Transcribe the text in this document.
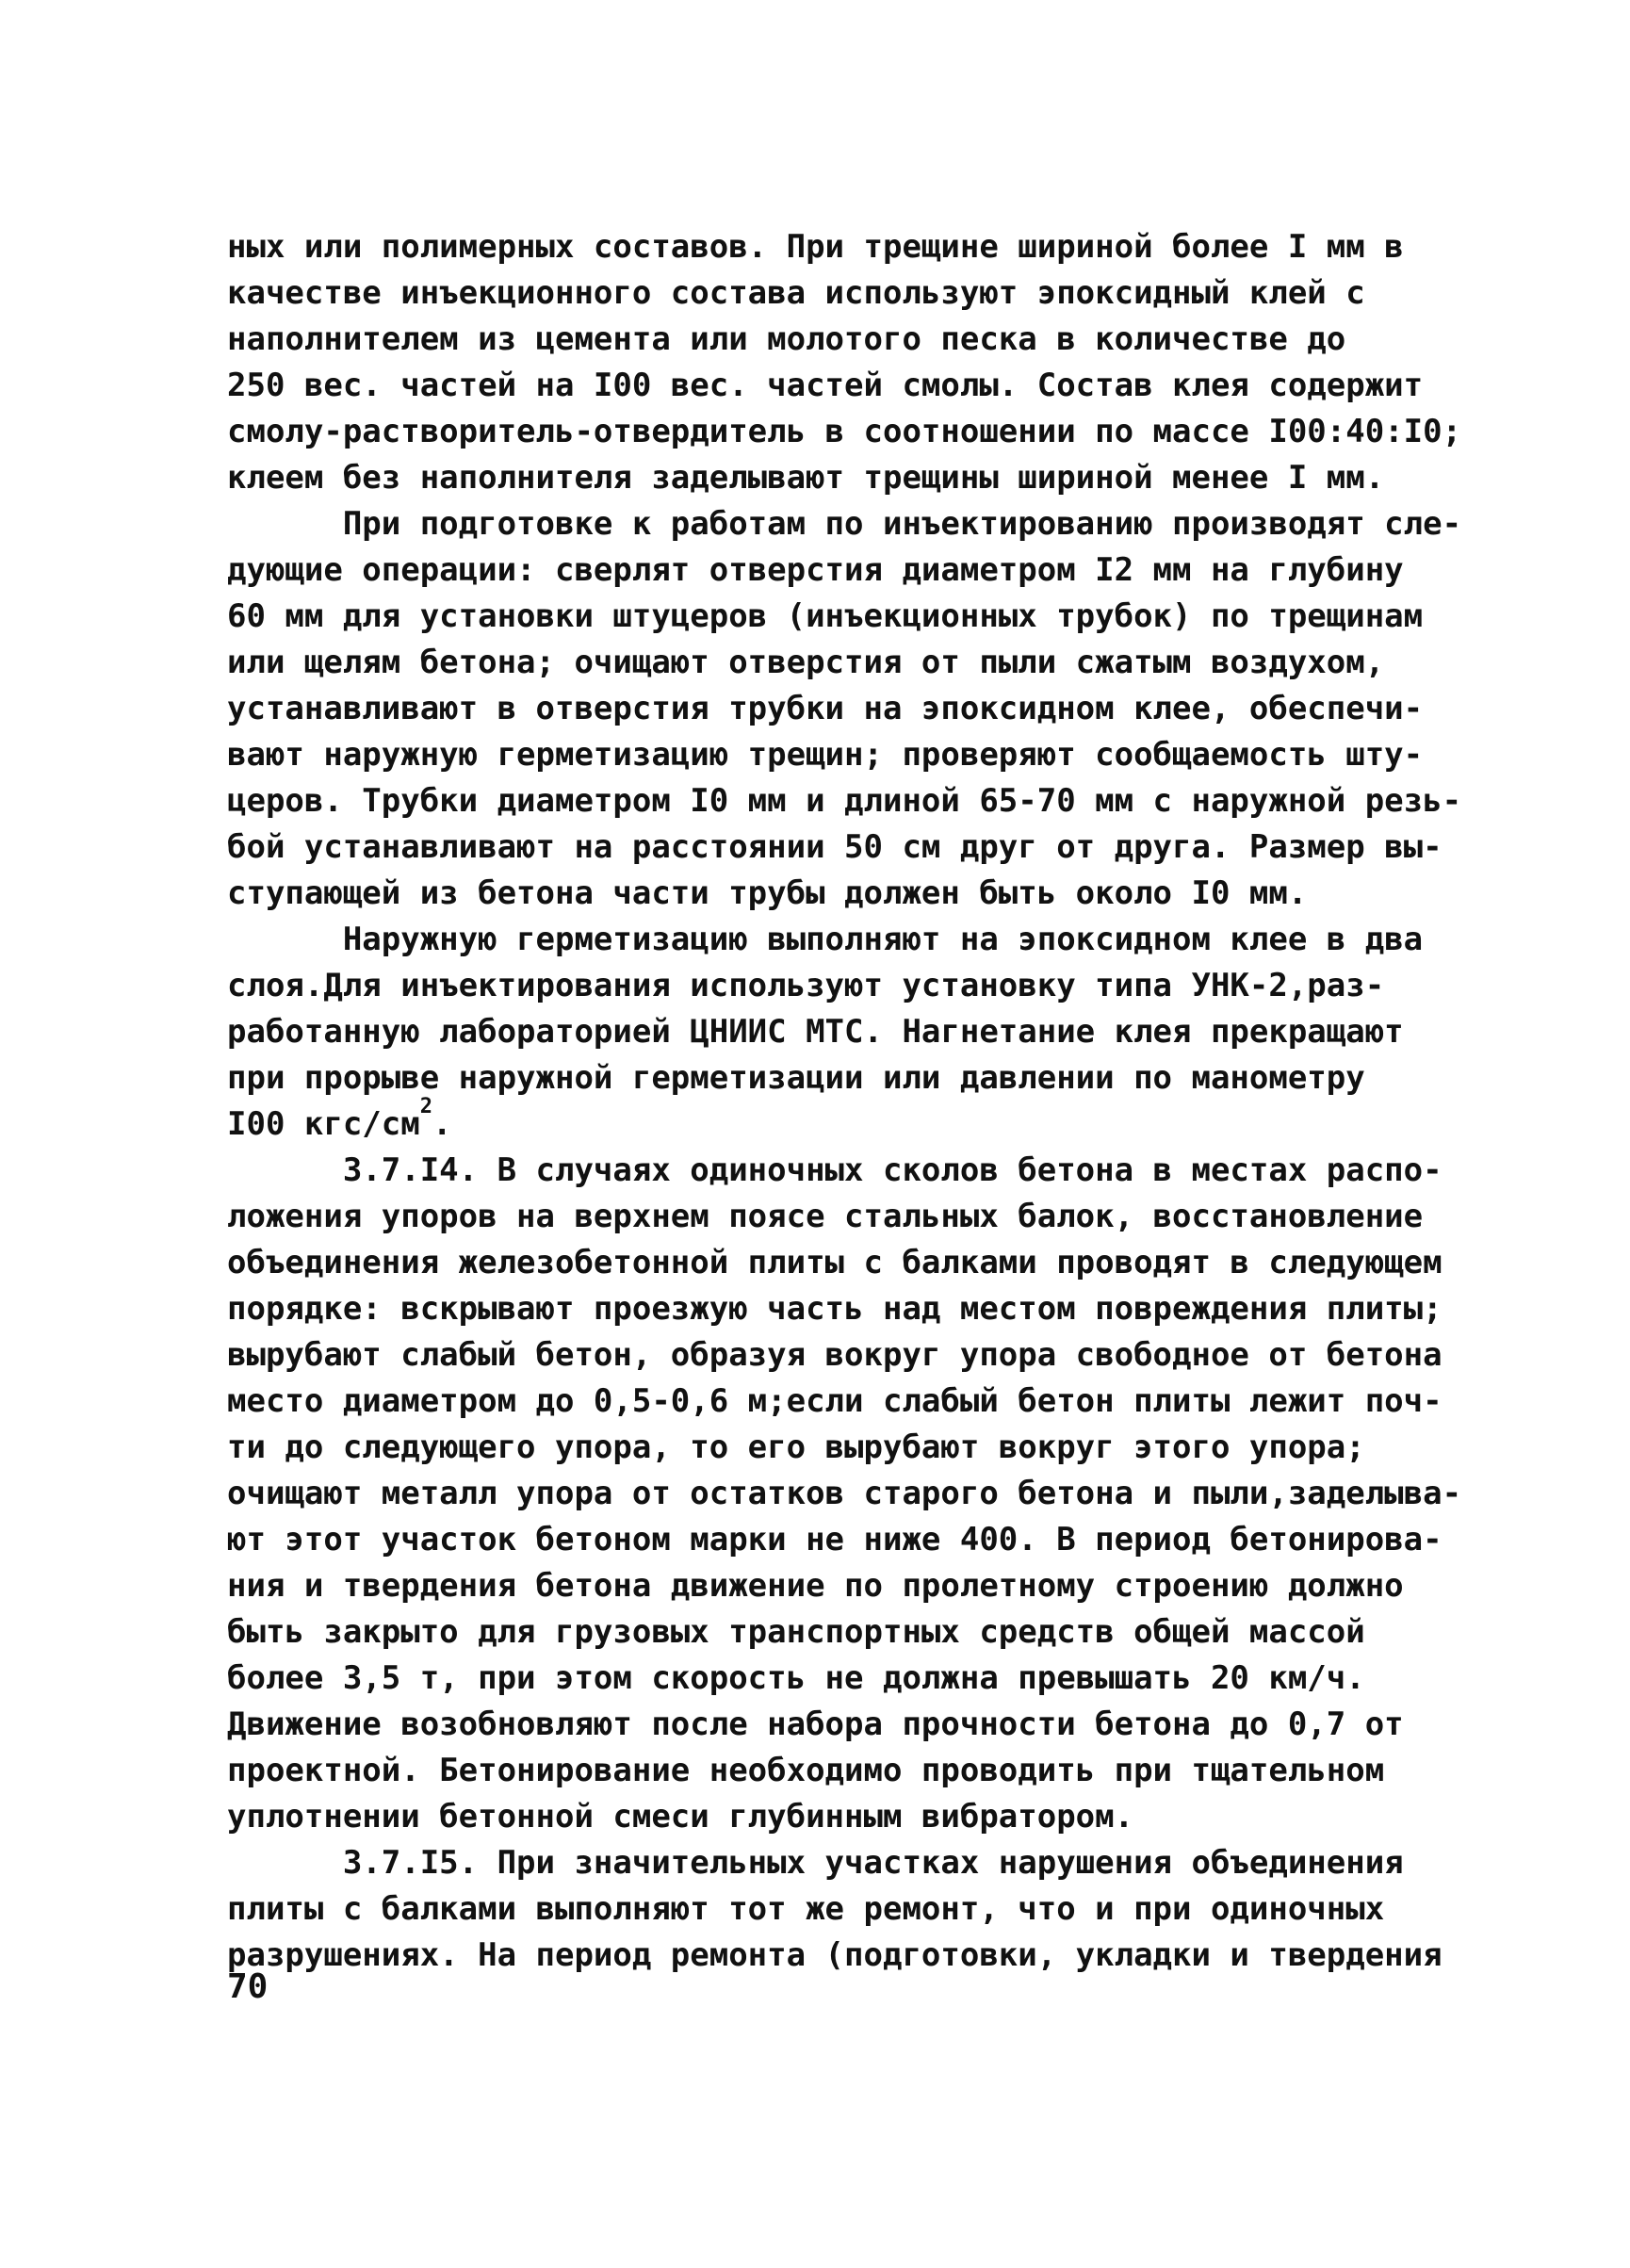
ных или полимерных составов. При трещине шириной более I мм в
качестве инъекционного состава используют эпоксидный клей с
наполнителем из цемента или молотого песка в количестве до
250 вес. частей на I00 вес. частей смолы. Состав клея содержит
смолу-растворитель-отвердитель в соотношении по массе I00:40:I0;
клеем без наполнителя заделывают трещины шириной менее I мм.
При подготовке к работам по инъектированию производят сле-
дующие операции: сверлят отверстия диаметром I2 мм на глубину
60 мм для установки штуцеров (инъекционных трубок) по трещинам
или щелям бетона; очищают отверстия от пыли сжатым воздухом,
устанавливают в отверстия трубки на эпоксидном клее, обеспечи-
вают наружную герметизацию трещин; проверяют сообщаемость шту-
церов. Трубки диаметром I0 мм и длиной 65-70 мм с наружной резь-
бой устанавливают на расстоянии 50 см друг от друга. Размер вы-
ступающей из бетона части трубы должен быть около I0 мм.
Наружную герметизацию выполняют на эпоксидном клее в два
слоя.Для инъектирования используют установку типа УНК-2,раз-
работанную лабораторией ЦНИИС МТС. Нагнетание клея прекращают
при прорыве наружной герметизации или давлении по манометру
I00 кгс/$см^2$.
3.7.I4. В случаях одиночных сколов бетона в местах распо-
ложения упоров на верхнем поясе стальных балок, восстановление
объединения железобетонной плиты с балками проводят в следующем
порядке: вскрывают проезжую часть над местом повреждения плиты;
вырубают слабый бетон, образуя вокруг упора свободное от бетона
место диаметром до 0,5-0,6 м;если слабый бетон плиты лежит поч-
ти до следующего упора, то его вырубают вокруг этого упора;
очищают металл упора от остатков старого бетона и пыли,заделыва-
ют этот участок бетоном марки не ниже 400. В период бетонирова-
ния и твердения бетона движение по пролетному строению должно
быть закрыто для грузовых транспортных средств общей массой
более 3,5 т, при этом скорость не должна превышать 20 км/ч.
Движение возобновляют после набора прочности бетона до 0,7 от
проектной. Бетонирование необходимо проводить при тщательном
уплотнении бетонной смеси глубинным вибратором.
3.7.I5. При значительных участках нарушения объединения
плиты с балками выполняют тот же ремонт, что и при одиночных
разрушениях. На период ремонта (подготовки, укладки и твердения
70
